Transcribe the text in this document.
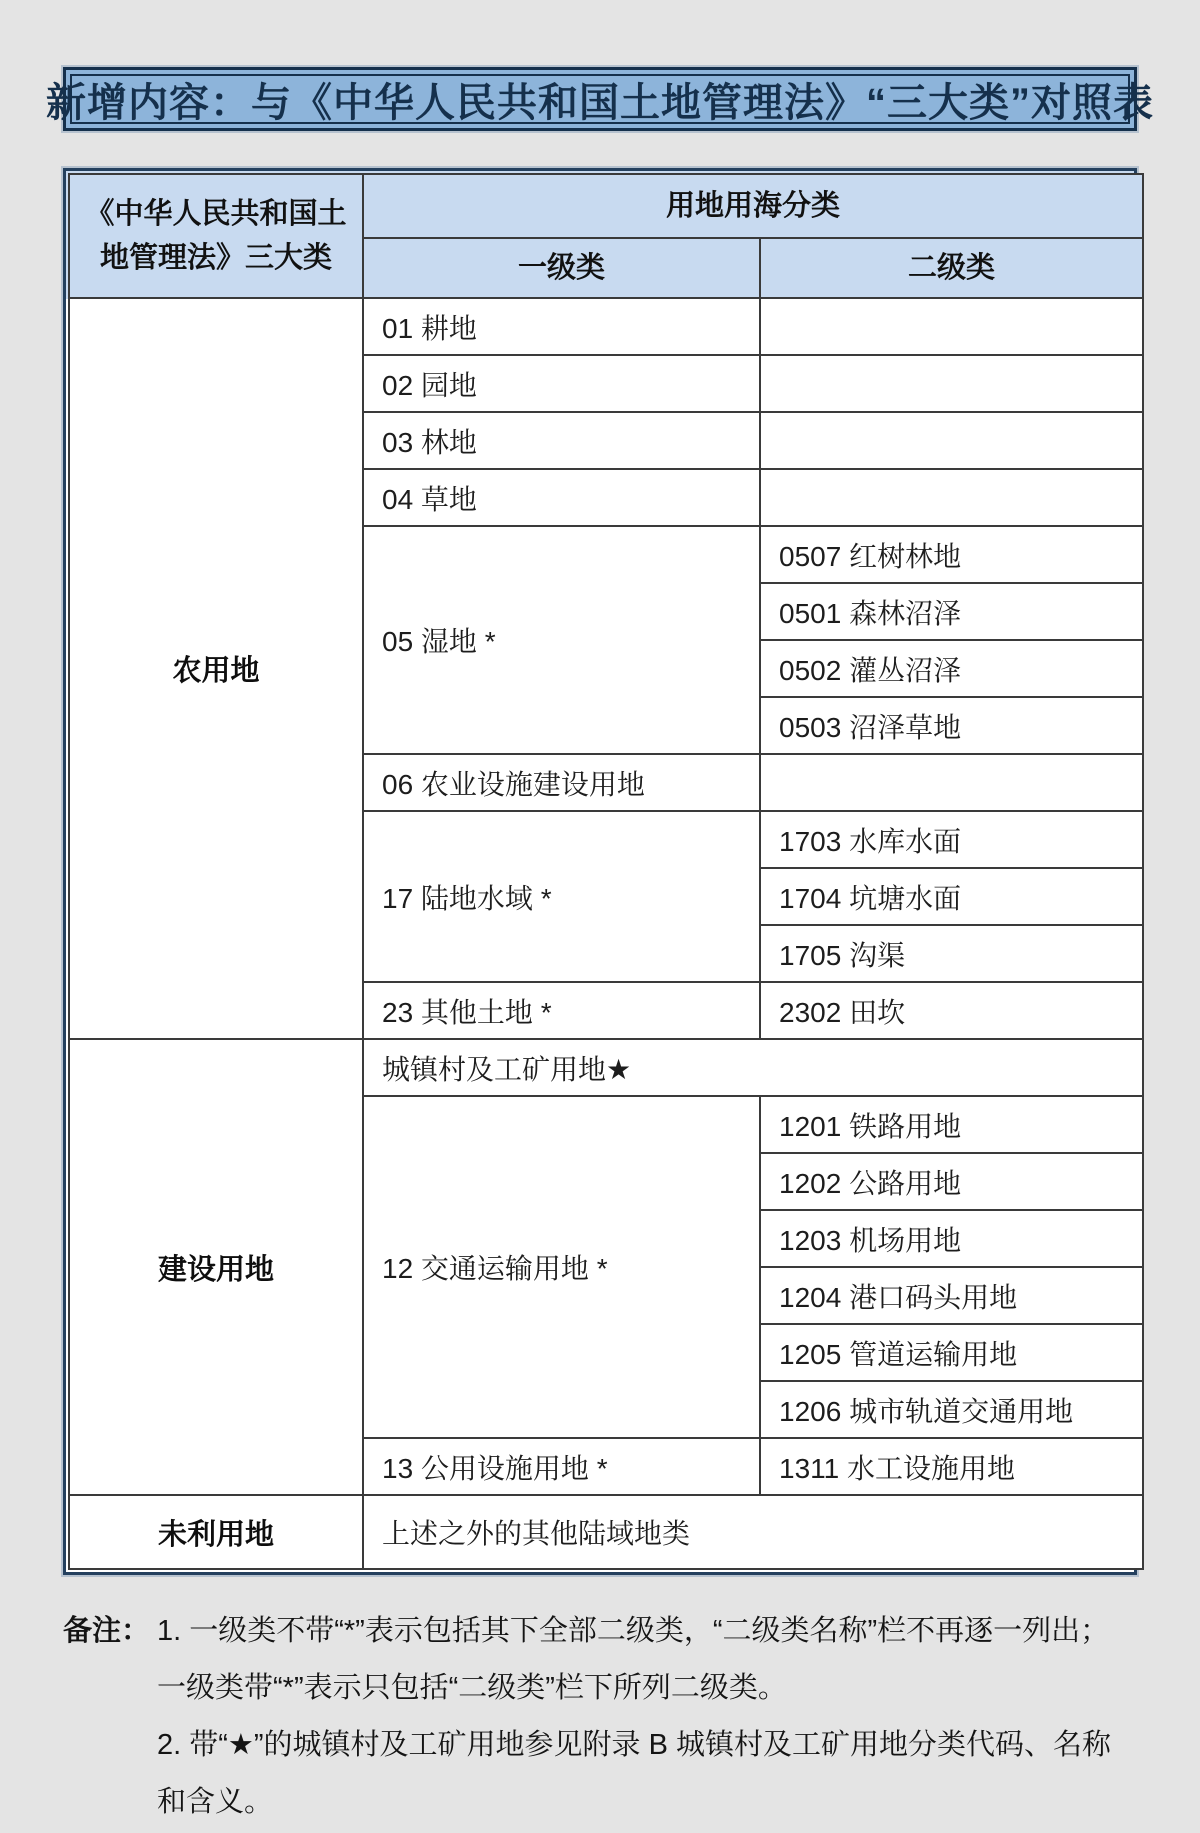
新增内容：与《中华人民共和国土地管理法》“三大类”对照表
《中华人民共和国土地管理法》三大类	用地用海分类	
	一级类	二级类
农用地	01 耕地	
	02 园地	
	03 林地	
	04 草地	
	05 湿地 *	0507 红树林地
		0501 森林沼泽
		0502 灌丛沼泽
		0503 沼泽草地
	06 农业设施建设用地	
	17 陆地水域 *	1703 水库水面
		1704 坑塘水面
		1705 沟渠
	23 其他土地 *	2302 田坎
建设用地	城镇村及工矿用地★	
	12 交通运输用地 *	1201 铁路用地
		1202 公路用地
		1203 机场用地
		1204 港口码头用地
		1205 管道运输用地
		1206 城市轨道交通用地
	13 公用设施用地 *	1311 水工设施用地
未利用地	上述之外的其他陆域地类	
备注： 1. 一级类不带“*”表示包括其下全部二级类，“二级类名称”栏不再逐一列出；
一级类带“*”表示只包括“二级类”栏下所列二级类。
2. 带“★”的城镇村及工矿用地参见附录 B 城镇村及工矿用地分类代码、名称
和含义。
